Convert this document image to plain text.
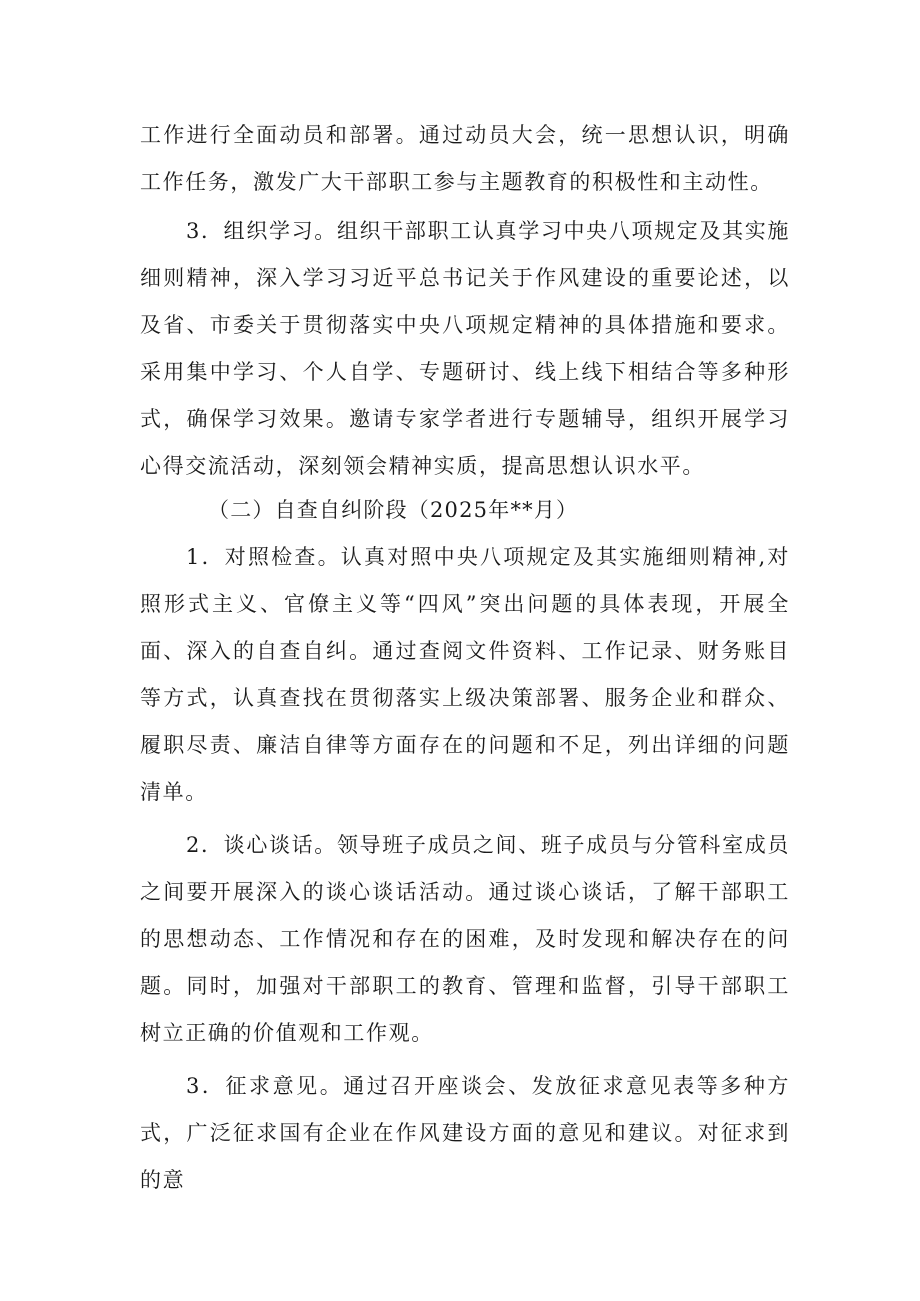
工作进行全面动员和部署。通过动员大会，统一思想认识，明确工作任务，激发广大干部职工参与主题教育的积极性和主动性。

3．组织学习。组织干部职工认真学习中央八项规定及其实施细则精神，深入学习习近平总书记关于作风建设的重要论述，以及省、市委关于贯彻落实中央八项规定精神的具体措施和要求。采用集中学习、个人自学、专题研讨、线上线下相结合等多种形式，确保学习效果。邀请专家学者进行专题辅导，组织开展学习心得交流活动，深刻领会精神实质，提高思想认识水平。

（二）自查自纠阶段（2025年**月）

1．对照检查。认真对照中央八项规定及其实施细则精神,对照形式主义、官僚主义等“四风”突出问题的具体表现，开展全面、深入的自查自纠。通过查阅文件资料、工作记录、财务账目等方式，认真查找在贯彻落实上级决策部署、服务企业和群众、履职尽责、廉洁自律等方面存在的问题和不足，列出详细的问题清单。

2．谈心谈话。领导班子成员之间、班子成员与分管科室成员之间要开展深入的谈心谈话活动。通过谈心谈话，了解干部职工的思想动态、工作情况和存在的困难，及时发现和解决存在的问题。同时，加强对干部职工的教育、管理和监督，引导干部职工树立正确的价值观和工作观。

3．征求意见。通过召开座谈会、发放征求意见表等多种方式，广泛征求国有企业在作风建设方面的意见和建议。对征求到的意
